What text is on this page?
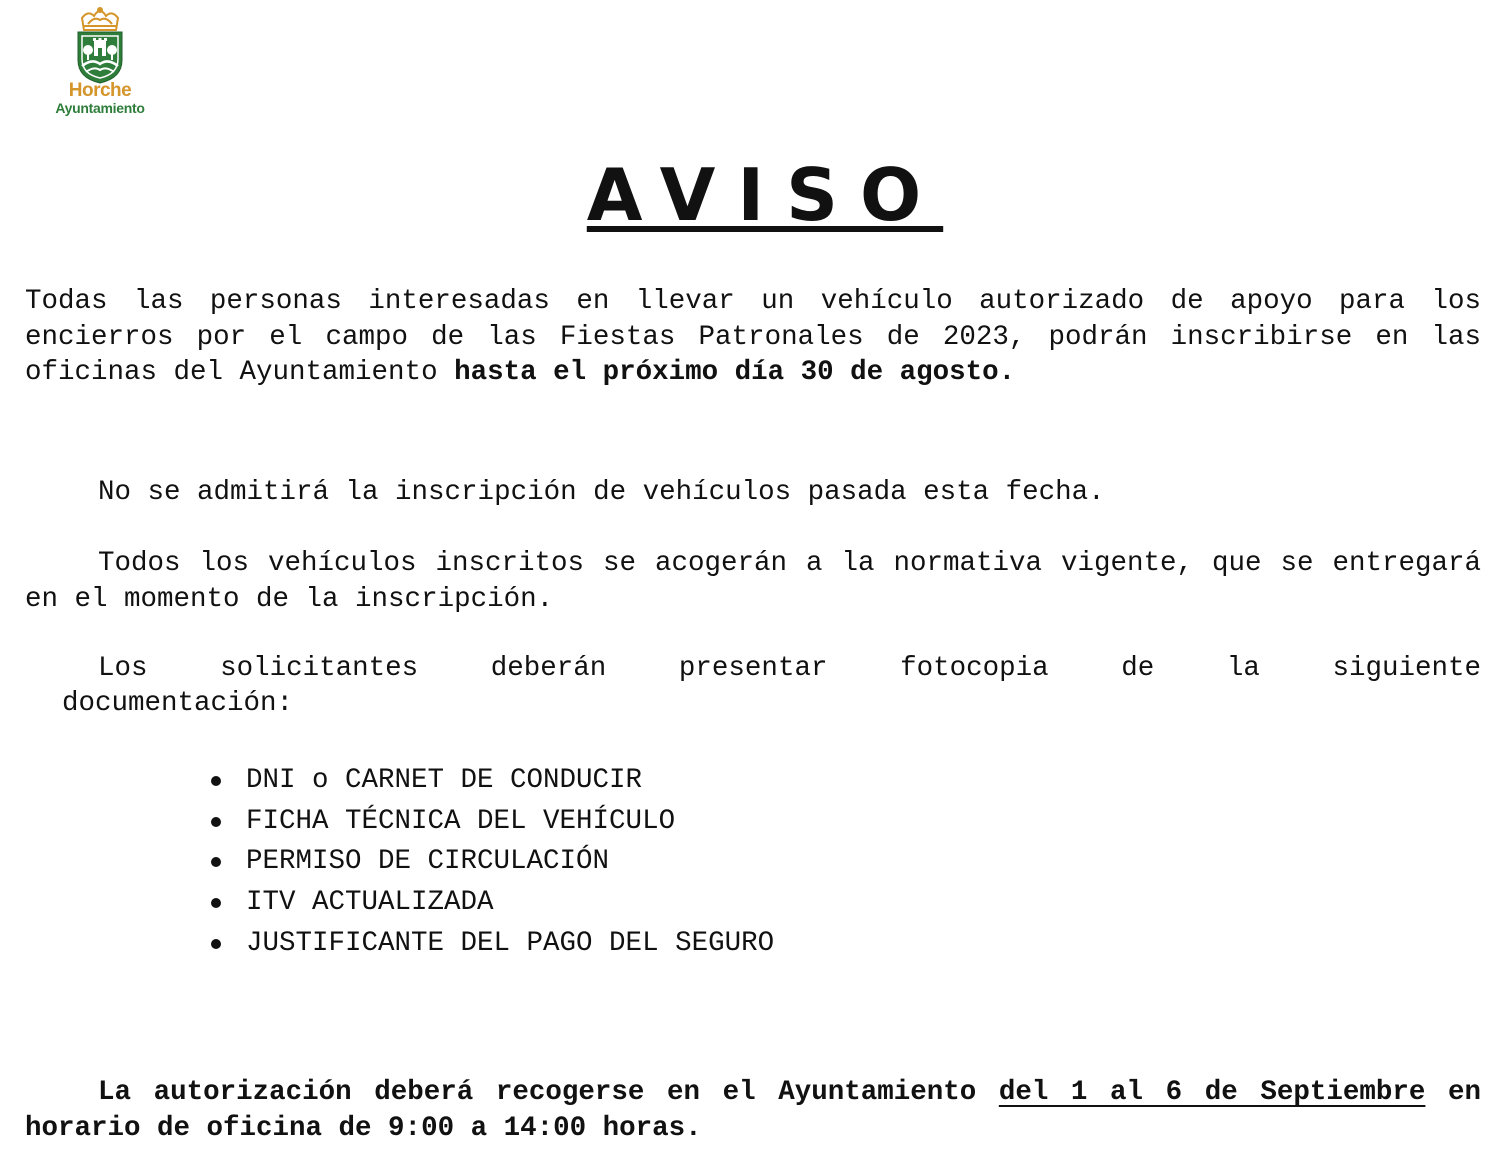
Horche
Ayuntamiento
AVISO

Todas las personas interesadas en llevar un vehículo autorizado de apoyo para los encierros por el campo de las Fiestas Patronales de 2023, podrán inscribirse en las oficinas del Ayuntamiento hasta el próximo día 30 de agosto.

No se admitirá la inscripción de vehículos pasada esta fecha.

Todos los vehículos inscritos se acogerán a la normativa vigente, que se entregará en el momento de la inscripción.

Los solicitantes deberán presentar fotocopia de la siguiente

documentación:

DNI o CARNET DE CONDUCIR
FICHA TÉCNICA DEL VEHÍCULO
PERMISO DE CIRCULACIÓN
ITV ACTUALIZADA
JUSTIFICANTE DEL PAGO DEL SEGURO

La autorización deberá recogerse en el Ayuntamiento del 1 al 6 de Septiembre en horario de oficina de 9:00 a 14:00 horas.
